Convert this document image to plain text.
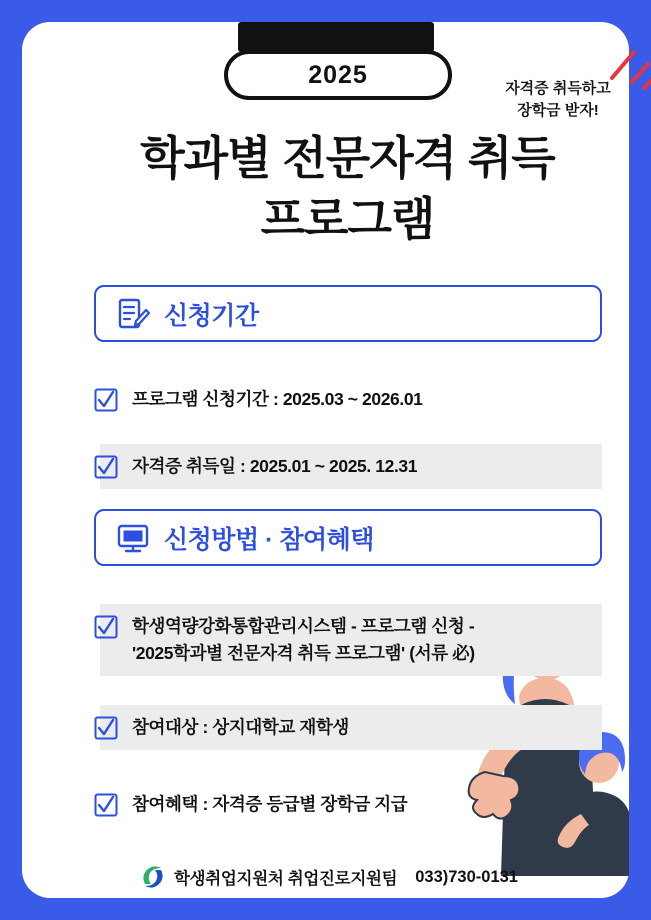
2025	자격증 취득하고
장학금 받자!
학과별 전문자격 취득
프로그램
신청기간
프로그램 신청기간 : 2025.03 ~ 2026.01
자격증 취득일 : 2025.01 ~ 2025. 12.31
신청방법 · 참여혜택
학생역량강화통합관리시스템 - 프로그램 신청 -
'2025학과별 전문자격 취득 프로그램' (서류 必)
참여대상 : 상지대학교 재학생
참여혜택 : 자격증 등급별 장학금 지급
학생취업지원처 취업진로지원팀 033)730-0131
